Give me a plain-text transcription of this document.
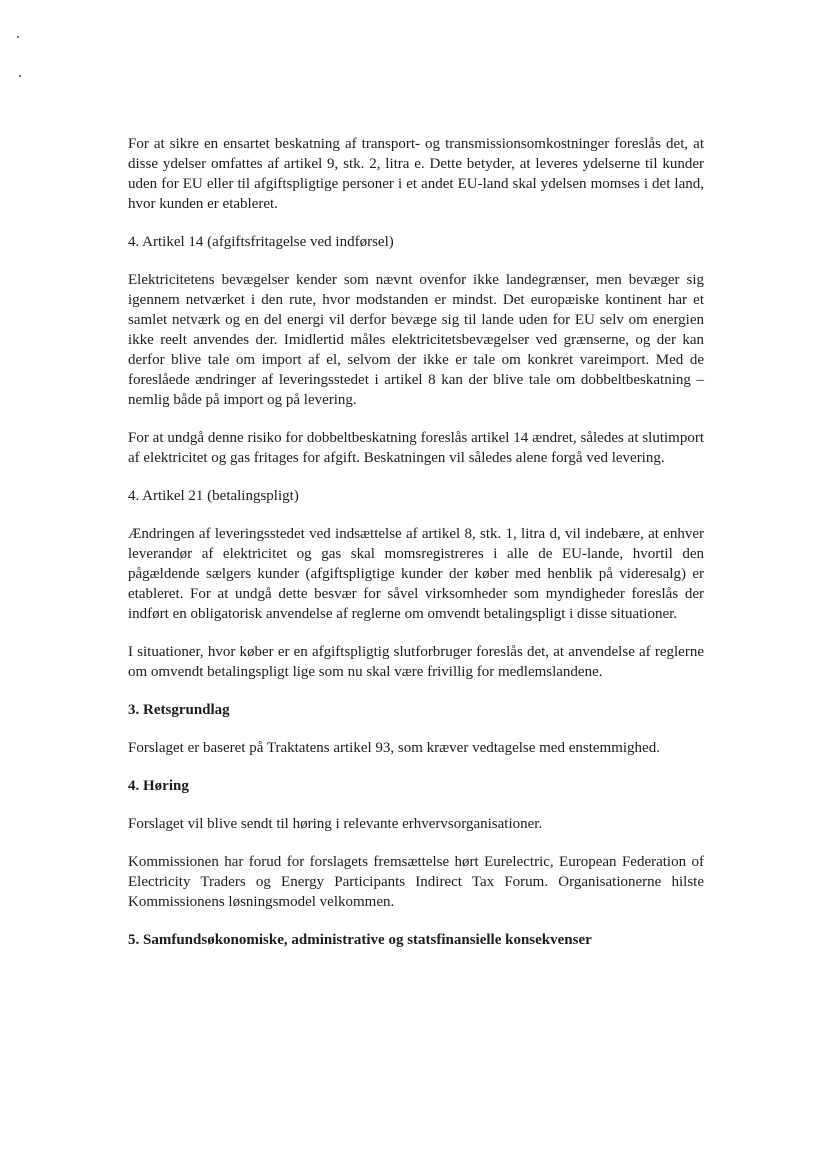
For at sikre en ensartet beskatning af transport- og transmissionsomkostninger foreslås det, at disse ydelser omfattes af artikel 9, stk. 2, litra e. Dette betyder, at leveres ydelserne til kunder uden for EU eller til afgiftspligtige personer i et andet EU-land skal ydelsen momses i det land, hvor kunden er etableret.

4. Artikel 14 (afgiftsfritagelse ved indførsel)

Elektricitetens bevægelser kender som nævnt ovenfor ikke landegrænser, men bevæger sig igennem netværket i den rute, hvor modstanden er mindst. Det europæiske kontinent har et samlet netværk og en del energi vil derfor bevæge sig til lande uden for EU selv om energien ikke reelt anvendes der. Imidlertid måles elektricitetsbevægelser ved grænserne, og der kan derfor blive tale om import af el, selvom der ikke er tale om konkret vareimport. Med de foreslåede ændringer af leveringsstedet i artikel 8 kan der blive tale om dobbeltbeskatning – nemlig både på import og på levering.

For at undgå denne risiko for dobbeltbeskatning foreslås artikel 14 ændret, således at slutimport af elektricitet og gas fritages for afgift. Beskatningen vil således alene forgå ved levering.

4. Artikel 21 (betalingspligt)

Ændringen af leveringsstedet ved indsættelse af artikel 8, stk. 1, litra d, vil indebære, at enhver leverandør af elektricitet og gas skal momsregistreres i alle de EU-lande, hvortil den pågældende sælgers kunder (afgiftspligtige kunder der køber med henblik på videresalg) er etableret. For at undgå dette besvær for såvel virksomheder som myndigheder foreslås der indført en obligatorisk anvendelse af reglerne om omvendt betalingspligt i disse situationer.

I situationer, hvor køber er en afgiftspligtig slutforbruger foreslås det, at anvendelse af reglerne om omvendt betalingspligt lige som nu skal være frivillig for medlemslandene.

3. Retsgrundlag

Forslaget er baseret på Traktatens artikel 93, som kræver vedtagelse med enstemmighed.

4. Høring

Forslaget vil blive sendt til høring i relevante erhvervsorganisationer.

Kommissionen har forud for forslagets fremsættelse hørt Eurelectric, European Federation of Electricity Traders og Energy Participants Indirect Tax Forum. Organisationerne hilste Kommissionens løsningsmodel velkommen.

5. Samfundsøkonomiske, administrative og statsfinansielle konsekvenser
